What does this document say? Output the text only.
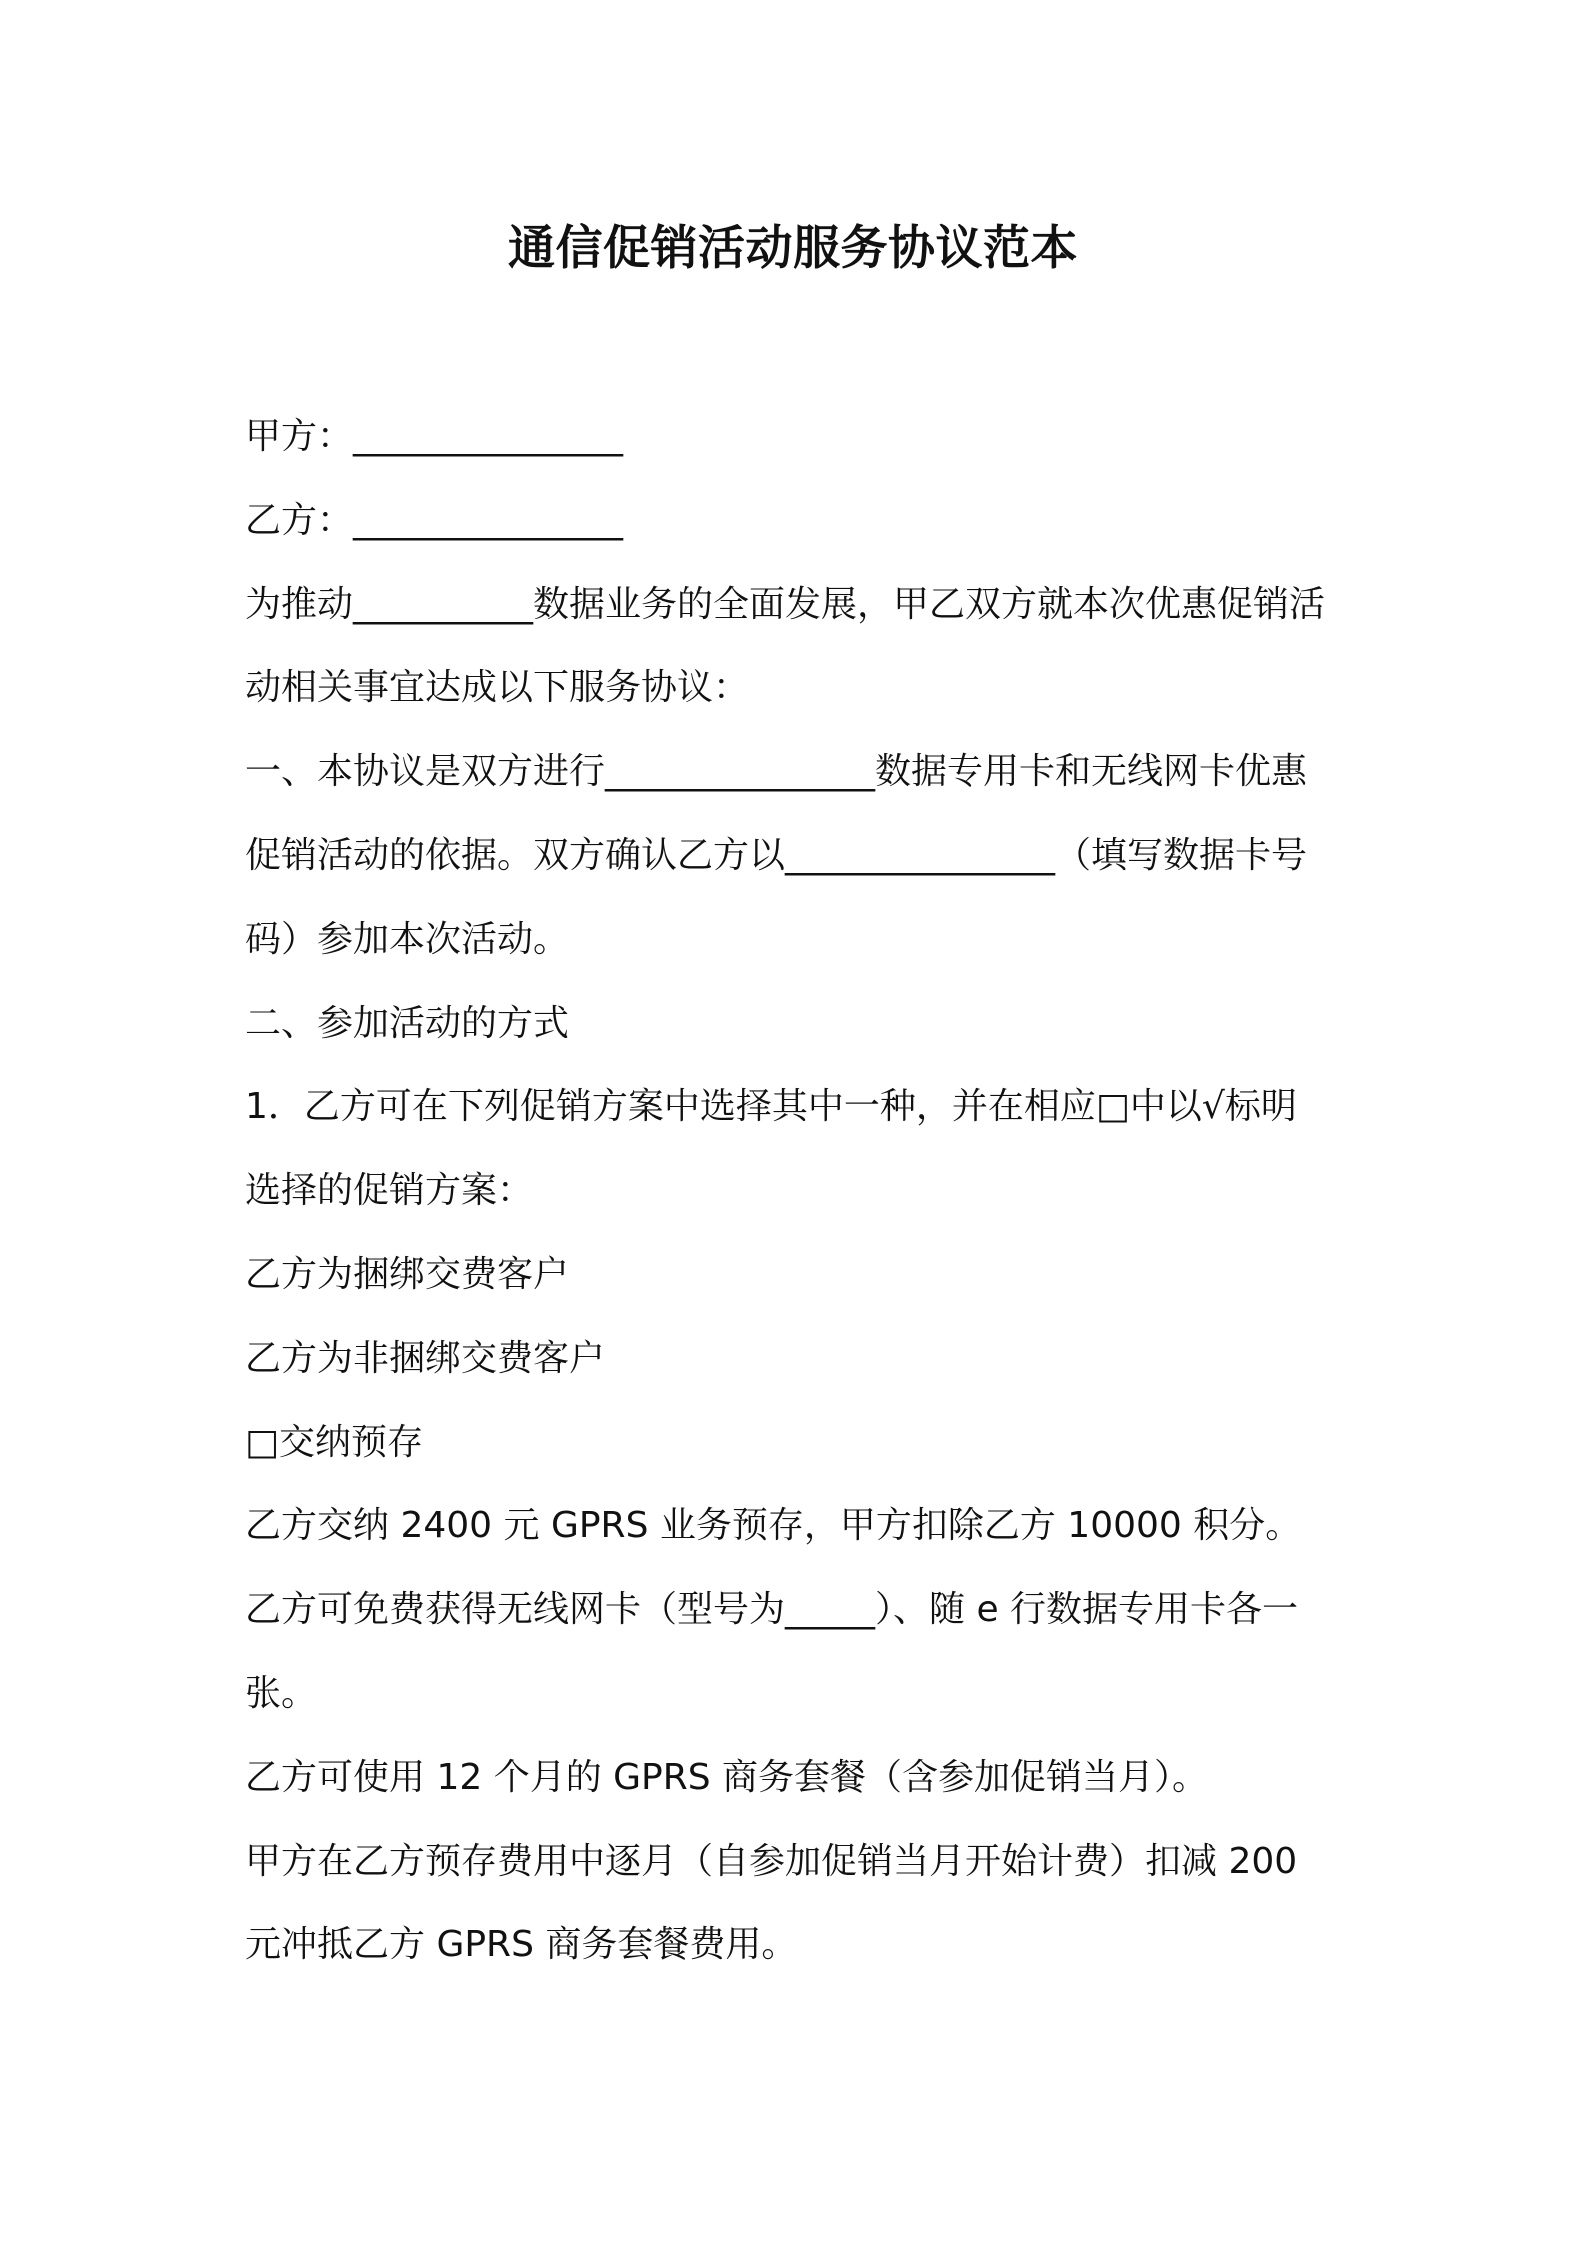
通信促销活动服务协议范本
甲方：_______________
乙方：_______________
为推动__________数据业务的全面发展，甲乙双方就本次优惠促销活
动相关事宜达成以下服务协议：
一、本协议是双方进行_______________数据专用卡和无线网卡优惠
促销活动的依据。双方确认乙方以_______________（填写数据卡号
码）参加本次活动。
二、参加活动的方式
1．乙方可在下列促销方案中选择其中一种，并在相应□中以√标明
选择的促销方案：
乙方为捆绑交费客户
乙方为非捆绑交费客户
□交纳预存
乙方交纳 2400 元 GPRS 业务预存，甲方扣除乙方 10000 积分。
乙方可免费获得无线网卡（型号为_____）、随 e 行数据专用卡各一
张。
乙方可使用 12 个月的 GPRS 商务套餐（含参加促销当月）。
甲方在乙方预存费用中逐月（自参加促销当月开始计费）扣减 200
元冲抵乙方 GPRS 商务套餐费用。
